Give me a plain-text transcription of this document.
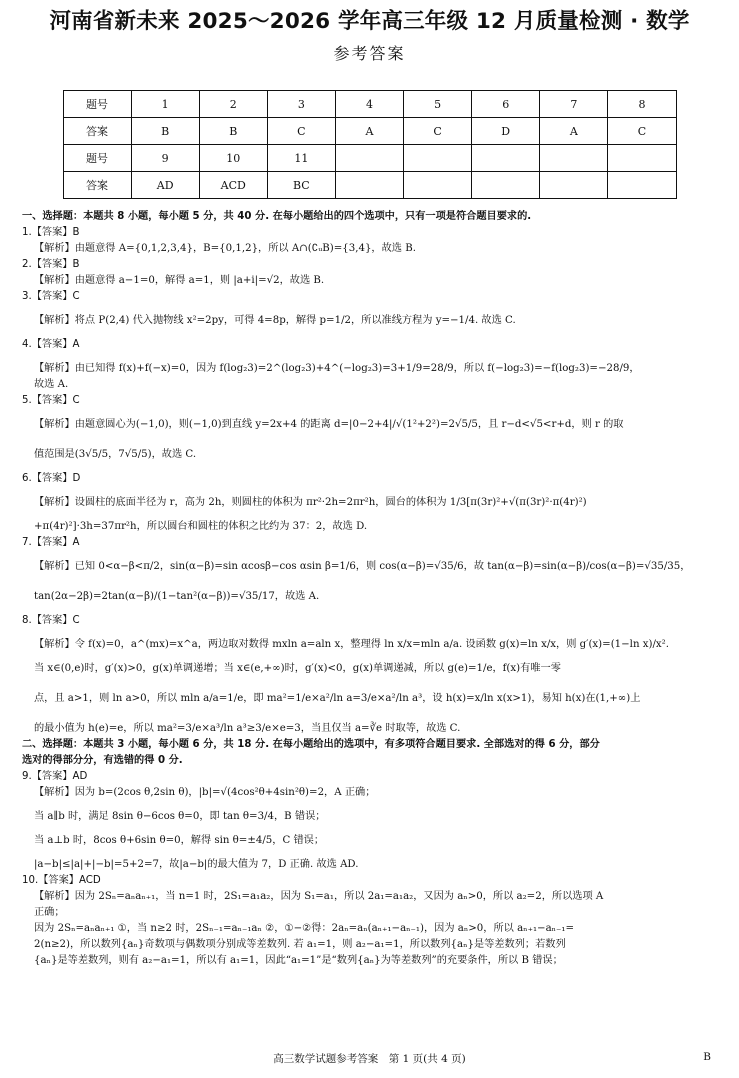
河南省新未来 2025～2026 学年高三年级 12 月质量检测 · 数学
参考答案
题号	1	2	3	4	5	6	7	8
答案	B	B	C	A	C	D	A	C
题号	9	10	11					
答案	AD	ACD	BC					

一、选择题：本题共 8 小题，每小题 5 分，共 40 分. 在每小题给出的四个选项中，只有一项是符合题目要求的.

1.【答案】B

【解析】由题意得 A={0,1,2,3,4}，B={0,1,2}，所以 A∩(∁ᵤB)={3,4}，故选 B.

2.【答案】B

【解析】由题意得 a−1=0，解得 a=1，则 |a+i|=√2，故选 B.

3.【答案】C

【解析】将点 P(2,4) 代入抛物线 x²=2py，可得 4=8p，解得 p=1/2，所以准线方程为 y=−1/4. 故选 C.

4.【答案】A

【解析】由已知得 f(x)+f(−x)=0，因为 f(log₂3)=2^(log₂3)+4^(−log₂3)=3+1/9=28/9，所以 f(−log₂3)=−f(log₂3)=−28/9，

故选 A.

5.【答案】C

【解析】由题意圆心为(−1,0)，则(−1,0)到直线 y=2x+4 的距离 d=|0−2+4|/√(1²+2²)=2√5/5，且 r−d<√5<r+d，则 r 的取

值范围是(3√5/5，7√5/5)，故选 C.

6.【答案】D

【解析】设圆柱的底面半径为 r，高为 2h，则圆柱的体积为 πr²·2h=2πr²h，圆台的体积为 1/3[π(3r)²+√(π(3r)²·π(4r)²)

+π(4r)²]·3h=37πr²h，所以圆台和圆柱的体积之比约为 37：2，故选 D.

7.【答案】A

【解析】已知 0<α−β<π/2，sin(α−β)=sin αcosβ−cos αsin β=1/6，则 cos(α−β)=√35/6，故 tan(α−β)=sin(α−β)/cos(α−β)=√35/35，

tan(2α−2β)=2tan(α−β)/(1−tan²(α−β))=√35/17，故选 A.

8.【答案】C

【解析】令 f(x)=0，a^(mx)=x^a，两边取对数得 mxln a=aln x，整理得 ln x/x=mln a/a. 设函数 g(x)=ln x/x，则 g′(x)=(1−ln x)/x².

当 x∈(0,e)时，g′(x)>0，g(x)单调递增；当 x∈(e,+∞)时，g′(x)<0，g(x)单调递减，所以 g(e)=1/e，f(x)有唯一零

点，且 a>1，则 ln a>0，所以 mln a/a=1/e，即 ma²=1/e×a²/ln a=3/e×a²/ln a³，设 h(x)=x/ln x(x>1)，易知 h(x)在(1,+∞)上

的最小值为 h(e)=e，所以 ma²=3/e×a³/ln a³≥3/e×e=3，当且仅当 a=∛e 时取等，故选 C.

二、选择题：本题共 3 小题，每小题 6 分，共 18 分. 在每小题给出的选项中，有多项符合题目要求. 全部选对的得 6 分，部分

选对的得部分分，有选错的得 0 分.

9.【答案】AD

【解析】因为 b=(2cos θ,2sin θ)，|b|=√(4cos²θ+4sin²θ)=2，A 正确；

当 a∥b 时，满足 8sin θ−6cos θ=0，即 tan θ=3/4，B 错误；

当 a⊥b 时，8cos θ+6sin θ=0，解得 sin θ=±4/5，C 错误；

|a−b|≤|a|+|−b|=5+2=7，故|a−b|的最大值为 7，D 正确. 故选 AD.

10.【答案】ACD

【解析】因为 2Sₙ=aₙaₙ₊₁，当 n=1 时，2S₁=a₁a₂，因为 S₁=a₁，所以 2a₁=a₁a₂，又因为 aₙ>0，所以 a₂=2，所以选项 A

正确；

因为 2Sₙ=aₙaₙ₊₁ ①，当 n≥2 时，2Sₙ₋₁=aₙ₋₁aₙ ②，①−②得：2aₙ=aₙ(aₙ₊₁−aₙ₋₁)，因为 aₙ>0，所以 aₙ₊₁−aₙ₋₁=

2(n≥2)，所以数列{aₙ}奇数项与偶数项分别成等差数列. 若 a₁=1，则 a₂−a₁=1，所以数列{aₙ}是等差数列；若数列

{aₙ}是等差数列，则有 a₂−a₁=1，所以有 a₁=1，因此“a₁=1”是“数列{aₙ}为等差数列”的充要条件，所以 B 错误；

高三数学试题参考答案　第 1 页(共 4 页)	B
